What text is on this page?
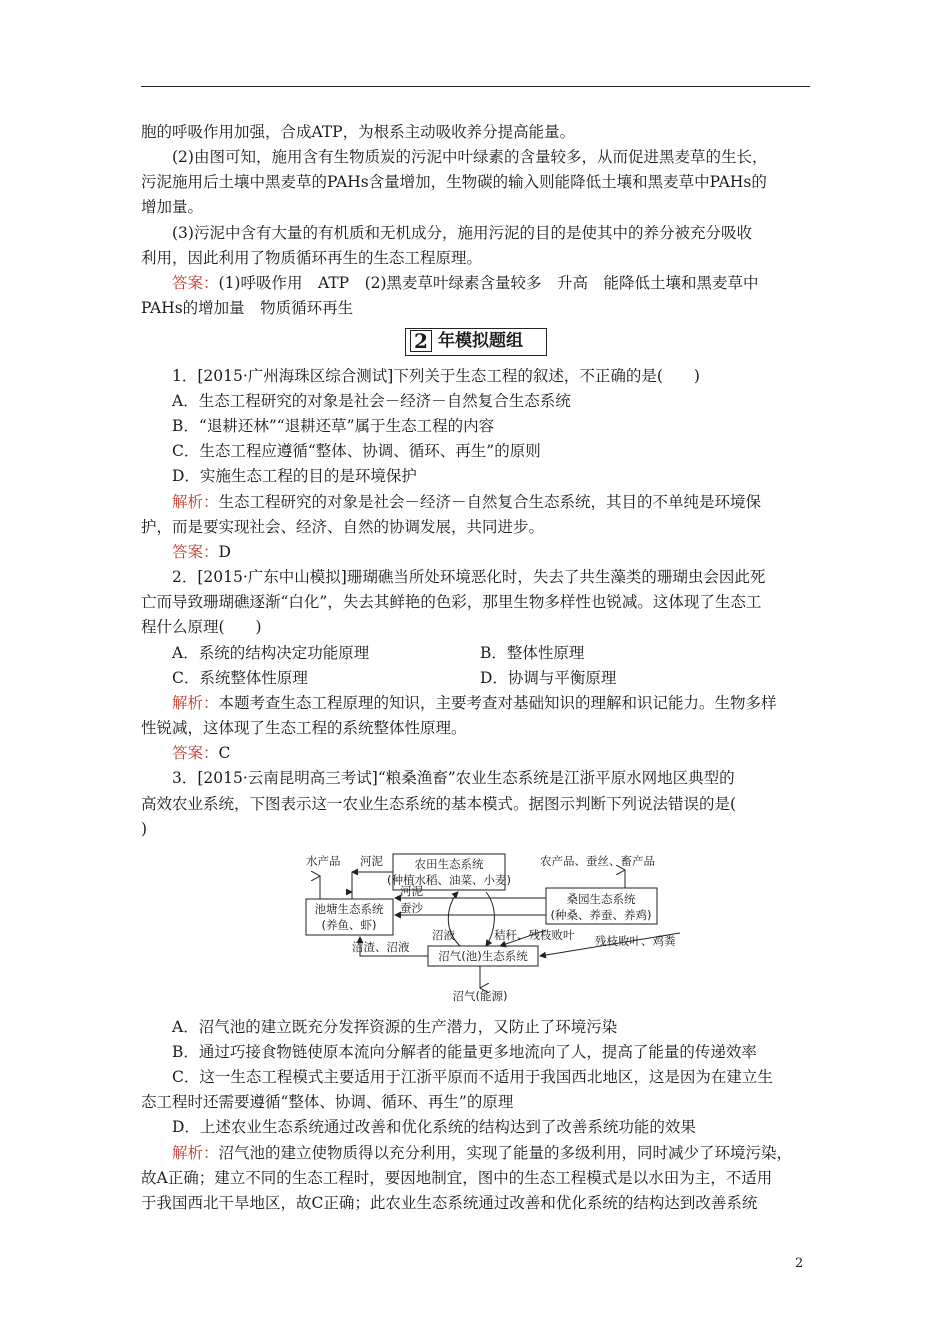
胞的呼吸作用加强，合成ATP，为根系主动吸收养分提高能量。
(2)由图可知，施用含有生物质炭的污泥中叶绿素的含量较多，从而促进黑麦草的生长，
污泥施用后土壤中黑麦草的PAHs含量增加，生物碳的输入则能降低土壤和黑麦草中PAHs的
增加量。
(3)污泥中含有大量的有机质和无机成分，施用污泥的目的是使其中的养分被充分吸收
利用，因此利用了物质循环再生的生态工程原理。
答案：(1)呼吸作用　ATP　(2)黑麦草叶绿素含量较多　升高　能降低土壤和黑麦草中
PAHs的增加量　物质循环再生
2 年模拟题组
1．[2015·广州海珠区综合测试]下列关于生态工程的叙述，不正确的是(　　)
A．生态工程研究的对象是社会－经济－自然复合生态系统
B．“退耕还林”“退耕还草”属于生态工程的内容
C．生态工程应遵循“整体、协调、循环、再生”的原则
D．实施生态工程的目的是环境保护
解析：生态工程研究的对象是社会－经济－自然复合生态系统，其目的不单纯是环境保
护，而是要实现社会、经济、自然的协调发展，共同进步。
答案：D
2．[2015·广东中山模拟]珊瑚礁当所处环境恶化时，失去了共生藻类的珊瑚虫会因此死
亡而导致珊瑚礁逐渐“白化”，失去其鲜艳的色彩，那里生物多样性也锐减。这体现了生态工
程什么原理(　　)
A．系统的结构决定功能原理	B．整体性原理
C．系统整体性原理	D．协调与平衡原理
解析：本题考查生态工程原理的知识，主要考查对基础知识的理解和识记能力。生物多样
性锐减，这体现了生态工程的系统整体性原理。
答案：C
3．[2015·云南昆明高三考试]“粮桑渔畜”农业生态系统是江浙平原水网地区典型的
高效农业系统，下图表示这一农业生态系统的基本模式。据图示判断下列说法错误的是(
)
水产品 河泥	农田生态系统
(种植水稻、油菜、小麦)
农产品、蚕丝、畜产品
池塘生态系统
(养鱼、虾)
河泥
蚕沙
桑园生态系统
(种桑、养蚕、养鸡)
沼液	秸秆、残枝败叶
沼渣、沼液
沼气(池)生态系统
残枝败叶、鸡粪
沼气(能源)
A．沼气池的建立既充分发挥资源的生产潜力，又防止了环境污染
B．通过巧接食物链使原本流向分解者的能量更多地流向了人，提高了能量的传递效率
C．这一生态工程模式主要适用于江浙平原而不适用于我国西北地区，这是因为在建立生
态工程时还需要遵循“整体、协调、循环、再生”的原理
D．上述农业生态系统通过改善和优化系统的结构达到了改善系统功能的效果
解析：沼气池的建立使物质得以充分利用，实现了能量的多级利用，同时减少了环境污染，
故A正确；建立不同的生态工程时，要因地制宜，图中的生态工程模式是以水田为主，不适用
于我国西北干旱地区，故C正确；此农业生态系统通过改善和优化系统的结构达到改善系统
2
